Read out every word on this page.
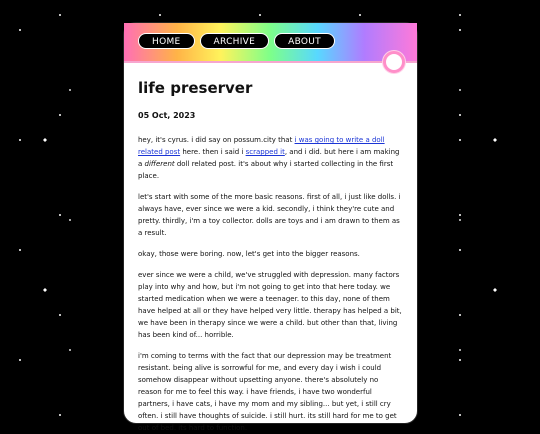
HOME	ARCHIVE	ABOUT
life preserver
05 Oct, 2023

hey, it's cyrus. i did say on possum.city that i was going to write a doll related post here. then i said i scrapped it, and i did. but here i am making a different doll related post. it's about why i started collecting in the first place.

let's start with some of the more basic reasons. first of all, i just like dolls. i always have, ever since we were a kid. secondly, i think they're cute and pretty. thirdly, i'm a toy collector. dolls are toys and i am drawn to them as a result.

okay, those were boring. now, let's get into the bigger reasons.

ever since we were a child, we've struggled with depression. many factors play into why and how, but i'm not going to get into that here today. we started medication when we were a teenager. to this day, none of them have helped at all or they have helped very little. therapy has helped a bit, we have been in therapy since we were a child. but other than that, living has been kind of... horrible.

i'm coming to terms with the fact that our depression may be treatment resistant. being alive is sorrowful for me, and every day i wish i could somehow disappear without upsetting anyone. there's absolutely no reason for me to feel this way. i have friends, i have two wonderful partners, i have cats, i have my mom and my sibling... but yet, i still cry often. i still have thoughts of suicide. i still hurt. its still hard for me to get out of bed. its hard to function.
